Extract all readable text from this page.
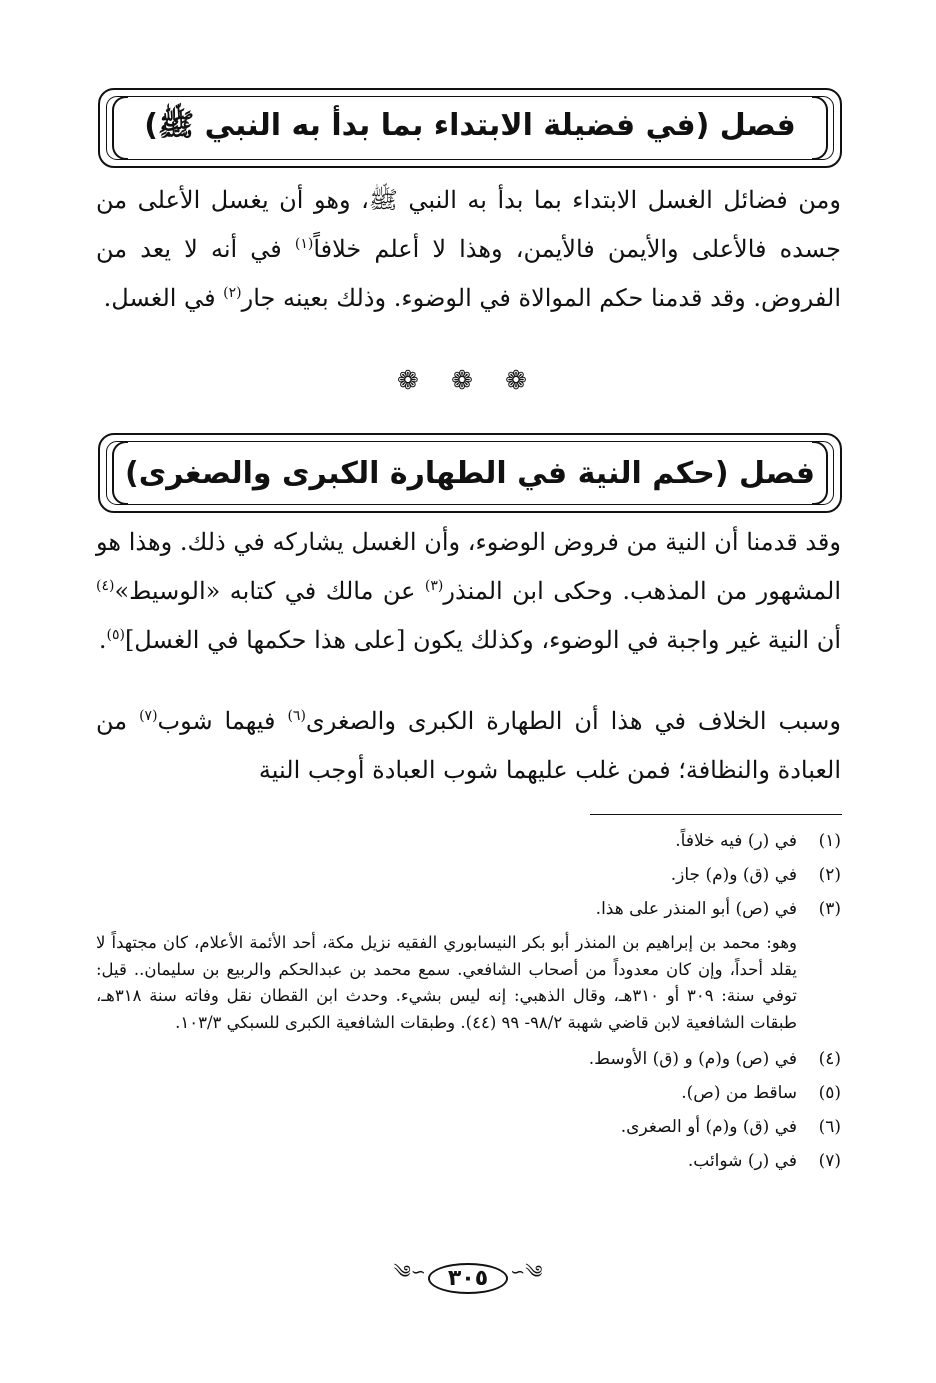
فصل (في فضيلة الابتداء بما بدأ به النبي ﷺ)

ومن فضائل الغسل الابتداء بما بدأ به النبي ﷺ، وهو أن يغسل الأعلى من جسده فالأعلى والأيمن فالأيمن، وهذا لا أعلم خلافاً$^{(١)}$ في أنه لا يعد من الفروض. وقد قدمنا حكم الموالاة في الوضوء. وذلك بعينه جار$^{(٢)}$ في الغسل.

❁ ❁ ❁
فصل (حكم النية في الطهارة الكبرى والصغرى)

وقد قدمنا أن النية من فروض الوضوء، وأن الغسل يشاركه في ذلك. وهذا هو المشهور من المذهب. وحكى ابن المنذر$^{(٣)}$ عن مالك في كتابه «الوسيط»$^{(٤)}$ أن النية غير واجبة في الوضوء، وكذلك يكون [على هذا حكمها في الغسل]$^{(٥)}$.

وسبب الخلاف في هذا أن الطهارة الكبرى والصغرى$^{(٦)}$ فيهما شوب$^{(٧)}$ من العبادة والنظافة؛ فمن غلب عليهما شوب العبادة أوجب النية

(١)
في (ر) فيه خلافاً.
(٢)
في (ق) و(م) جاز.
(٣)
في (ص) أبو المنذر على هذا.
وهو: محمد بن إبراهيم بن المنذر أبو بكر النيسابوري الفقيه نزيل مكة، أحد الأئمة الأعلام، كان مجتهداً لا يقلد أحداً، وإن كان معدوداً من أصحاب الشافعي. سمع محمد بن عبدالحكم والربيع بن سليمان.. قيل: توفي سنة: ٣٠٩ أو ٣١٠هـ، وقال الذهبي: إنه ليس بشيء. وحدث ابن القطان نقل وفاته سنة ٣١٨هـ، طبقات الشافعية لابن قاضي شهبة ٩٨/٢- ٩٩ (٤٤). وطبقات الشافعية الكبرى للسبكي ١٠٣/٣.
(٤)
في (ص) و(م) و (ق) الأوسط.
(٥)
ساقط من (ص).
(٦)
في (ق) و(م) أو الصغرى.
(٧)
في (ر) شوائب.
༄∽	٣٠٥	∽༄
